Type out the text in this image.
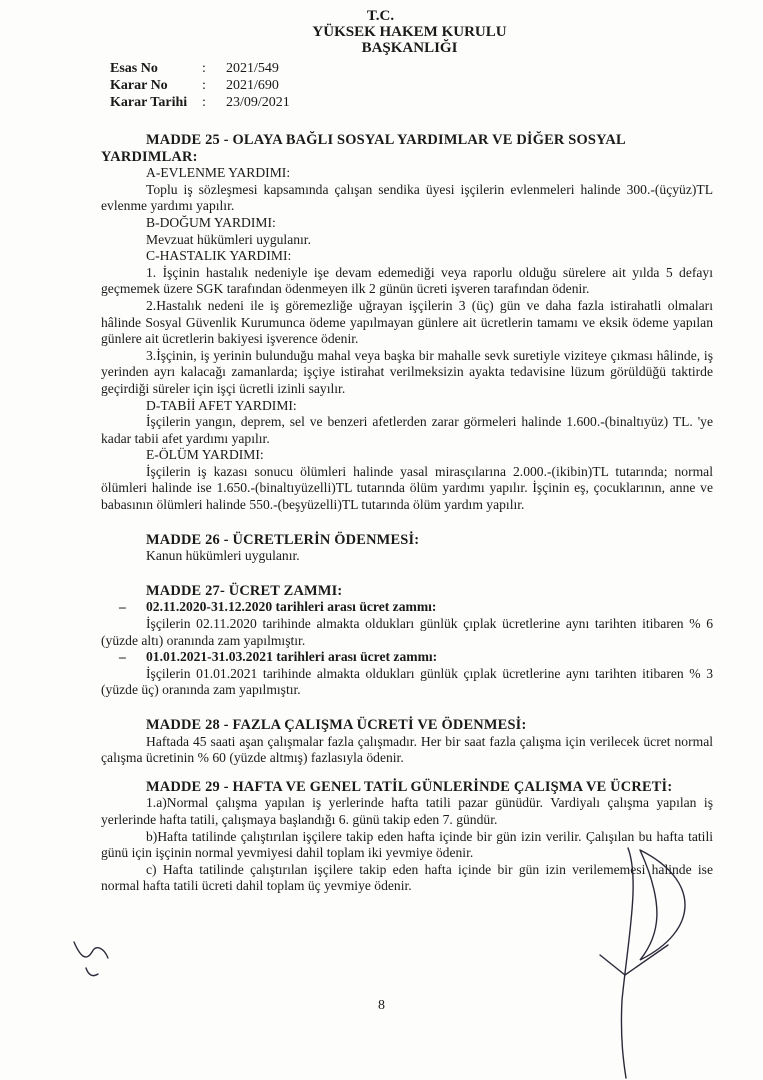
T.C.
YÜKSEK HAKEM KURULU
BAŞKANLIĞI
Esas No	:	2021/549
Karar No	:	2021/690
Karar Tarihi	:	23/09/2021
MADDE 25 - OLAYA BAĞLI SOSYAL YARDIMLAR VE DİĞER SOSYAL YARDIMLAR:
A-EVLENME YARDIMI:
Toplu iş sözleşmesi kapsamında çalışan sendika üyesi işçilerin evlenmeleri halinde 300.-(üçyüz)TL evlenme yardımı yapılır.
B-DOĞUM YARDIMI:
Mevzuat hükümleri uygulanır.
C-HASTALIK YARDIMI:
1. İşçinin hastalık nedeniyle işe devam edemediği veya raporlu olduğu sürelere ait yılda 5 defayı geçmemek üzere SGK tarafından ödenmeyen ilk 2 günün ücreti işveren tarafından ödenir.
2.Hastalık nedeni ile iş göremezliğe uğrayan işçilerin 3 (üç) gün ve daha fazla istirahatli olmaları hâlinde Sosyal Güvenlik Kurumunca ödeme yapılmayan günlere ait ücretlerin tamamı ve eksik ödeme yapılan günlere ait ücretlerin bakiyesi işverence ödenir.
3.İşçinin, iş yerinin bulunduğu mahal veya başka bir mahalle sevk suretiyle viziteye çıkması hâlinde, iş yerinden ayrı kalacağı zamanlarda; işçiye istirahat verilmeksizin ayakta tedavisine lüzum görüldüğü taktirde geçirdiği süreler için işçi ücretli izinli sayılır.
D-TABİİ AFET YARDIMI:
İşçilerin yangın, deprem, sel ve benzeri afetlerden zarar görmeleri halinde 1.600.-(binaltıyüz) TL. 'ye kadar tabii afet yardımı yapılır.
E-ÖLÜM YARDIMI:
İşçilerin iş kazası sonucu ölümleri halinde yasal mirasçılarına 2.000.-(ikibin)TL tutarında; normal ölümleri halinde ise 1.650.-(binaltıyüzelli)TL tutarında ölüm yardımı yapılır. İşçinin eş, çocuklarının, anne ve babasının ölümleri halinde 550.-(beşyüzelli)TL tutarında ölüm yardım yapılır.
MADDE 26 - ÜCRETLERİN ÖDENMESİ:
Kanun hükümleri uygulanır.
MADDE 27- ÜCRET ZAMMI:
– 02.11.2020-31.12.2020 tarihleri arası ücret zammı:
İşçilerin 02.11.2020 tarihinde almakta oldukları günlük çıplak ücretlerine aynı tarihten itibaren % 6 (yüzde altı) oranında zam yapılmıştır.
– 01.01.2021-31.03.2021 tarihleri arası ücret zammı:
İşçilerin 01.01.2021 tarihinde almakta oldukları günlük çıplak ücretlerine aynı tarihten itibaren % 3 (yüzde üç) oranında zam yapılmıştır.
MADDE 28 - FAZLA ÇALIŞMA ÜCRETİ VE ÖDENMESİ:
Haftada 45 saati aşan çalışmalar fazla çalışmadır. Her bir saat fazla çalışma için verilecek ücret normal çalışma ücretinin % 60 (yüzde altmış) fazlasıyla ödenir.
MADDE 29 - HAFTA VE GENEL TATİL GÜNLERİNDE ÇALIŞMA VE ÜCRETİ:
1.a)Normal çalışma yapılan iş yerlerinde hafta tatili pazar günüdür. Vardiyalı çalışma yapılan iş yerlerinde hafta tatili, çalışmaya başlandığı 6. günü takip eden 7. gündür.
b)Hafta tatilinde çalıştırılan işçilere takip eden hafta içinde bir gün izin verilir. Çalışılan bu hafta tatili günü için işçinin normal yevmiyesi dahil toplam iki yevmiye ödenir.
c) Hafta tatilinde çalıştırılan işçilere takip eden hafta içinde bir gün izin verilememesi halinde ise normal hafta tatili ücreti dahil toplam üç yevmiye ödenir.
8
